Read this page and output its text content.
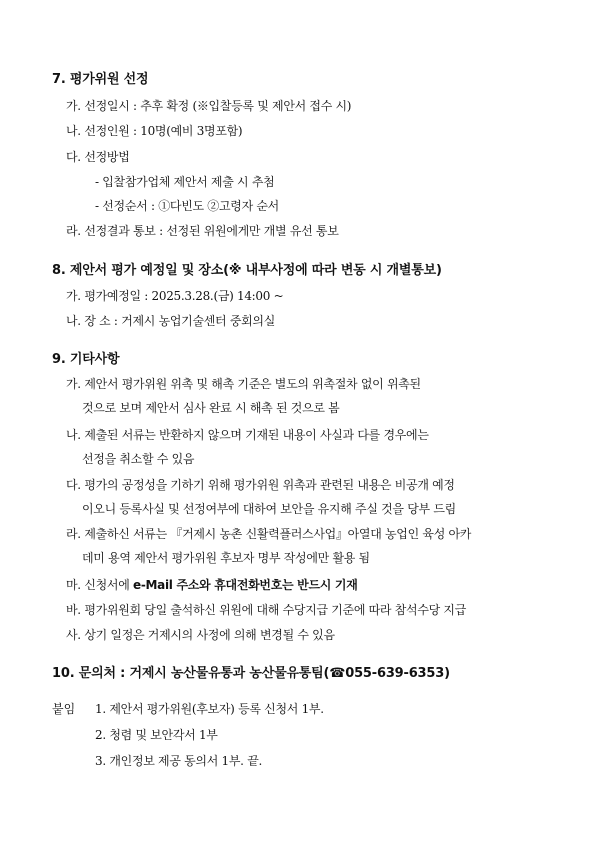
7. 평가위원 선정
가. 선정일시 : 추후 확정 (※입찰등록 및 제안서 접수 시)
나. 선정인원 : 10명(예비 3명포함)
다. 선정방법
- 입찰참가업체 제안서 제출 시 추첨
- 선정순서 : ①다빈도 ②고령자 순서
라. 선정결과 통보 : 선정된 위원에게만 개별 유선 통보
8. 제안서 평가 예정일 및 장소(※ 내부사정에 따라 변동 시 개별통보)
가. 평가예정일 : 2025.3.28.(금) 14:00 ~
나. 장 소 : 거제시 농업기술센터 중회의실
9. 기타사항
가. 제안서 평가위원 위촉 및 해촉 기준은 별도의 위촉절차 없이 위촉된
것으로 보며 제안서 심사 완료 시 해촉 된 것으로 봄
나. 제출된 서류는 반환하지 않으며 기재된 내용이 사실과 다를 경우에는
선정을 취소할 수 있음
다. 평가의 공정성을 기하기 위해 평가위원 위촉과 관련된 내용은 비공개 예정
이오니 등록사실 및 선정여부에 대하여 보안을 유지해 주실 것을 당부 드림
라. 제출하신 서류는 『거제시 농촌 신활력플러스사업』아열대 농업인 육성 아카
데미 용역 제안서 평가위원 후보자 명부 작성에만 활용 됨
마. 신청서에 e-Mail 주소와 휴대전화번호는 반드시 기재
바. 평가위원회 당일 출석하신 위원에 대해 수당지급 기준에 따라 참석수당 지급
사. 상기 일정은 거제시의 사정에 의해 변경될 수 있음
10. 문의처 : 거제시 농산물유통과 농산물유통팀(☎055-639-6353)
붙임 1. 제안서 평가위원(후보자) 등록 신청서 1부.
2. 청렴 및 보안각서 1부
3. 개인정보 제공 동의서 1부. 끝.
